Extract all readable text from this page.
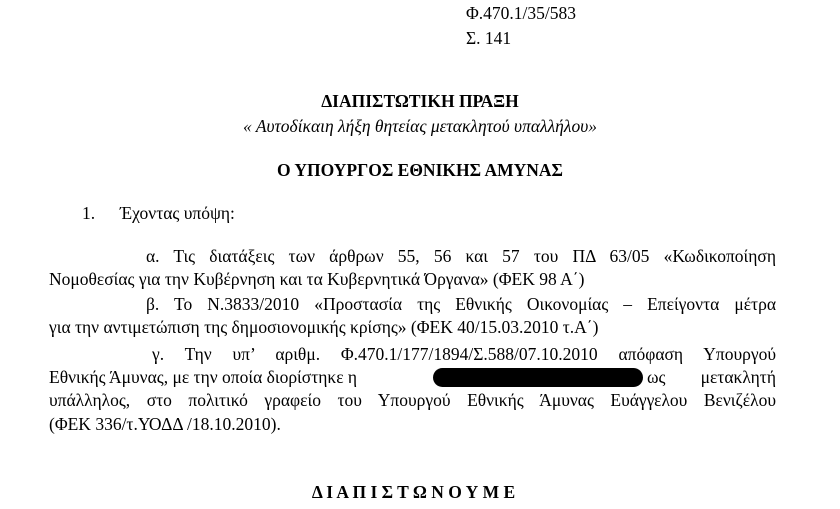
Φ.470.1/35/583
Σ. 141
ΔΙΑΠΙΣΤΩΤΙΚΗ ΠΡΑΞΗ
« Αυτοδίκαιη λήξη θητείας μετακλητού υπαλλήλου»
Ο ΥΠΟΥΡΓΟΣ ΕΘΝΙΚΗΣ ΑΜΥΝΑΣ
1. Έχοντας υπόψη:
α. Τις διατάξεις των άρθρων 55, 56 και 57 του ΠΔ 63/05 «Κωδικοποίηση
Νομοθεσίας για την Κυβέρνηση και τα Κυβερνητικά Όργανα» (ΦΕΚ 98 Α΄)
β. Το Ν.3833/2010 «Προστασία της Εθνικής Οικονομίας – Επείγοντα μέτρα
για την αντιμετώπιση της δημοσιονομικής κρίσης» (ΦΕΚ 40/15.03.2010 τ.Α΄)
γ. Την υπ’ αριθμ. Φ.470.1/177/1894/Σ.588/07.10.2010 απόφαση Υπουργού
Εθνικής Άμυνας, με την οποία διορίστηκε η	ως μετακλητή
υπάλληλος, στο πολιτικό γραφείο του Υπουργού Εθνικής Άμυνας Ευάγγελου Βενιζέλου
(ΦΕΚ 336/τ.ΥΟΔΔ /18.10.2010).
Δ Ι Α Π Ι Σ Τ Ω Ν Ο Υ Μ Ε
